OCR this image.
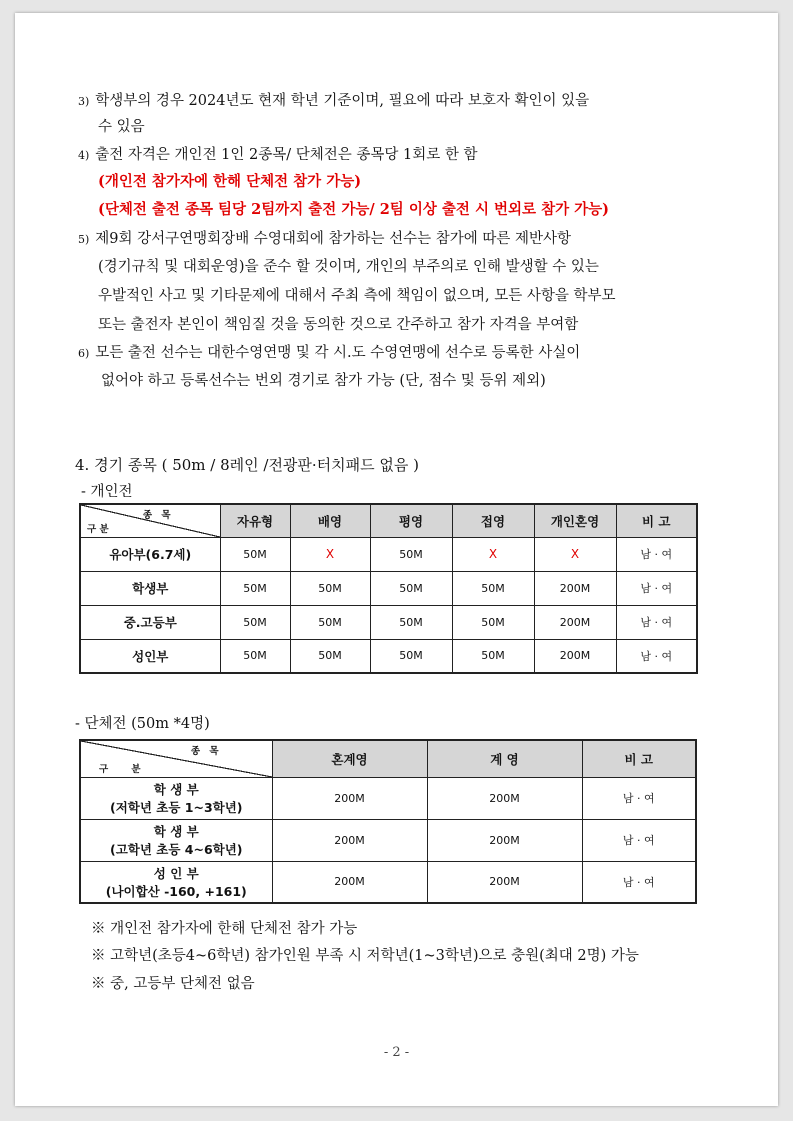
3) 학생부의 경우 2024년도 현재 학년 기준이며, 필요에 따라 보호자 확인이 있을
수 있음
4) 출전 자격은 개인전 1인 2종목/ 단체전은 종목당 1회로 한 함
(개인전 참가자에 한해 단체전 참가 가능)
(단체전 출전 종목 팀당 2팀까지 출전 가능/ 2팀 이상 출전 시 번외로 참가 가능)
5) 제9회 강서구연맹회장배 수영대회에 참가하는 선수는 참가에 따른 제반사항
(경기규칙 및 대회운영)을 준수 할 것이며, 개인의 부주의로 인해 발생할 수 있는
우발적인 사고 및 기타문제에 대해서 주최 측에 책임이 없으며, 모든 사항을 학부모
또는 출전자 본인이 책임질 것을 동의한 것으로 간주하고 참가 자격을 부여함
6) 모든 출전 선수는 대한수영연맹 및 각 시.도 수영연맹에 선수로 등록한 사실이
없어야 하고 등록선수는 번외 경기로 참가 가능 (단, 점수 및 등위 제외)
4. 경기 종목 ( 50m / 8레인 /전광판·터치패드 없음 )
- 개인전
종 목
구 분	자유형	배영	평영	접영	개인혼영	비 고
유아부(6.7세)	50M	X	50M	X	X	남 · 여
학생부	50M	50M	50M	50M	200M	남 · 여
중.고등부	50M	50M	50M	50M	200M	남 · 여
성인부	50M	50M	50M	50M	200M	남 · 여
- 단체전 (50m *4명)
종 목
구       분	혼계영	계 영	비 고

학 생 부
(저학년 초등 1~3학년)	200M	200M	남 · 여

학 생 부
(고학년 초등 4~6학년)	200M	200M	남 · 여

성 인 부
(나이합산 -160, +161)	200M	200M	남 · 여
※ 개인전 참가자에 한해 단체전 참가 가능
※ 고학년(초등4~6학년) 참가인원 부족 시 저학년(1~3학년)으로 충원(최대 2명) 가능
※ 중, 고등부 단체전 없음
- 2 -
